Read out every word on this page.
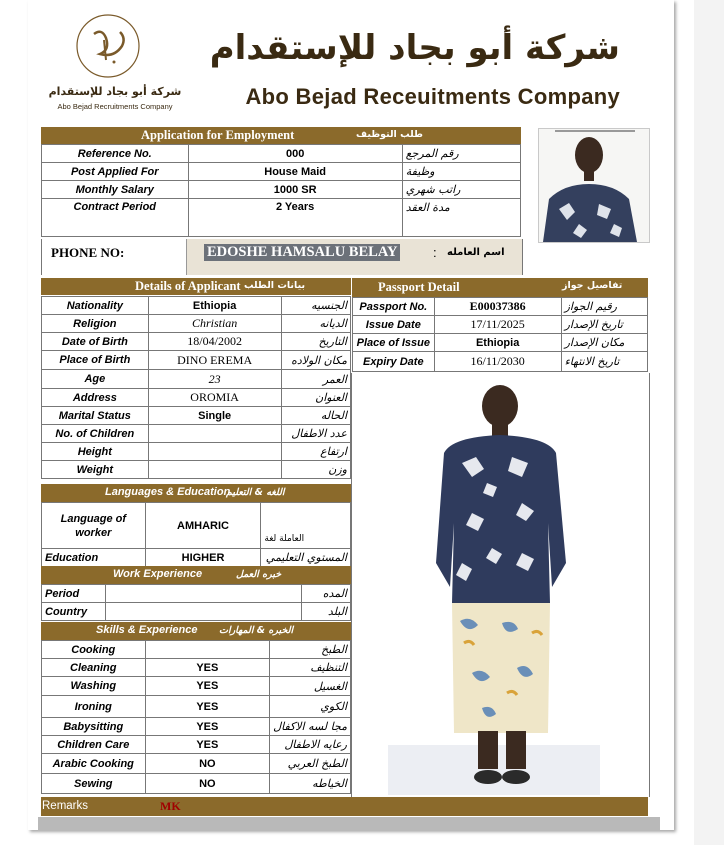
شركة أبو بجاد للإستقدام
Abo Bejad Recruitments Company
شركة أبو بجاد للإستقدام
Abo Bejad Receuitments Company
Application for Employment	طلب التوظيف
Reference No.	000	رقم المرجع
Post Applied For	House Maid	وظيفة
Monthly Salary	1000 SR	راتب شهري
Contract Period	2 Years	مدة العقد
PHONE NO:	EDOSHE HAMSALU BELAY	: اسم العامله
Details of Applicant بيانات الطلب	Passport Detail	تفاصيل جواز
Nationality	Ethiopia	الجنسيه
Religion	Christian	الديانه
Date of Birth	18/04/2002	التاريخ
Place of Birth	DINO EREMA	مكان الولاده
Age	23	العمر
Address	OROMIA	العنوان
Marital Status	Single	الحاله
No. of Children		عدد الاطفال
Height		ارتفاع
Weight		وزن
Passport No.	E00037386	رقيم الجواز
Issue Date	17/11/2025	تاريخ الإصدار
Place of Issue	Ethiopia	مكان الإصدار
Expiry Date	16/11/2030	تاريخ الانتهاء
Languages & Education
اللغه & التعليم
Language of worker	AMHARIC	العاملة لغة
Education	HIGHER	المستوي التعليمي
Work Experience	خبره العمل
Period		المده
Country		البلد
Skills & Experience الخبره & المهارات
Cooking		الطبخ
Cleaning	YES	التنظيف
Washing	YES	الغسيل
Ironing	YES	الكوي
Babysitting	YES	مجا لسه الاكفال
Children Care	YES	رعايه الاطفال
Arabic Cooking	NO	الطبخ العربي
Sewing	NO	الخياطه
Remarks	MK
